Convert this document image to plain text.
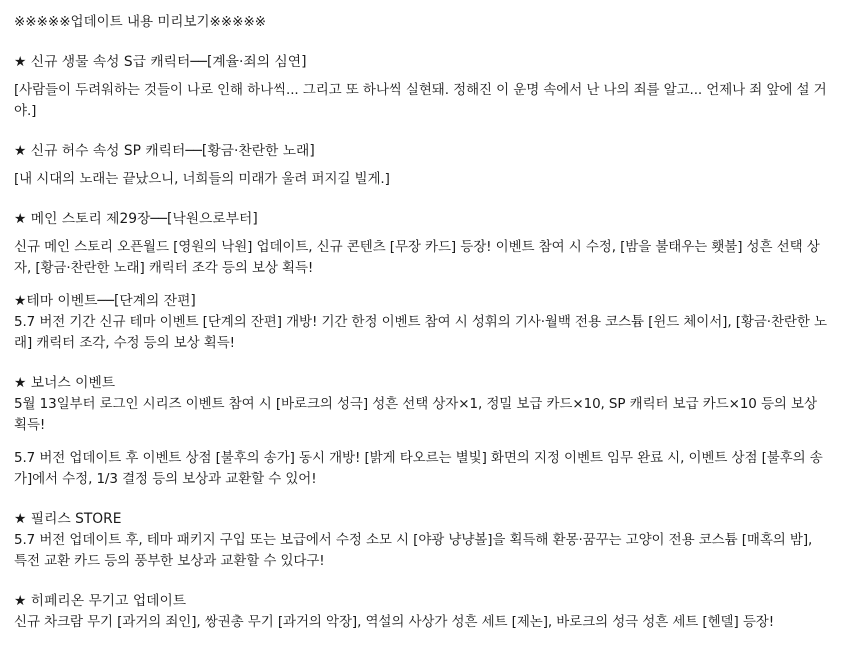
※※※※※업데이트 내용 미리보기※※※※※
★ 신규 생물 속성 S급 캐릭터──[계율·죄의 심연]
[사람들이 두려워하는 것들이 나로 인해 하나씩... 그리고 또 하나씩 실현돼. 정해진 이 운명 속에서 난 나의 죄를 알고... 언제나 죄 앞에 설 거야.]
★ 신규 허수 속성 SP 캐릭터──[황금·찬란한 노래]
[내 시대의 노래는 끝났으니, 너희들의 미래가 울려 퍼지길 빌게.]
★ 메인 스토리 제29장──[낙원으로부터]
신규 메인 스토리 오픈월드 [영원의 낙원] 업데이트, 신규 콘텐츠 [무장 카드] 등장! 이벤트 참여 시 수정, [밤을 불태우는 횃불] 성흔 선택 상자, [황금·찬란한 노래] 캐릭터 조각 등의 보상 획득!
★테마 이벤트──[단계의 잔편]
5.7 버전 기간 신규 테마 이벤트 [단계의 잔편] 개방! 기간 한정 이벤트 참여 시 성휘의 기사·월백 전용 코스튬 [윈드 체이서], [황금·찬란한 노래] 캐릭터 조각, 수정 등의 보상 획득!
★ 보너스 이벤트
5월 13일부터 로그인 시리즈 이벤트 참여 시 [바로크의 성극] 성흔 선택 상자×1, 정밀 보급 카드×10, SP 캐릭터 보급 카드×10 등의 보상 획득!
5.7 버전 업데이트 후 이벤트 상점 [불후의 송가] 동시 개방! [밝게 타오르는 별빛] 화면의 지정 이벤트 임무 완료 시, 이벤트 상점 [불후의 송가]에서 수정, 1/3 결정 등의 보상과 교환할 수 있어!
★ 필리스 STORE
5.7 버전 업데이트 후, 테마 패키지 구입 또는 보급에서 수정 소모 시 [야광 냥냥볼]을 획득해 환몽·꿈꾸는 고양이 전용 코스튬 [매혹의 밤], 특전 교환 카드 등의 풍부한 보상과 교환할 수 있다구!
★ 히페리온 무기고 업데이트
신규 차크람 무기 [과거의 죄인], 쌍권총 무기 [과거의 악장], 역설의 사상가 성흔 세트 [제논], 바로크의 성극 성흔 세트 [헨델] 등장!
